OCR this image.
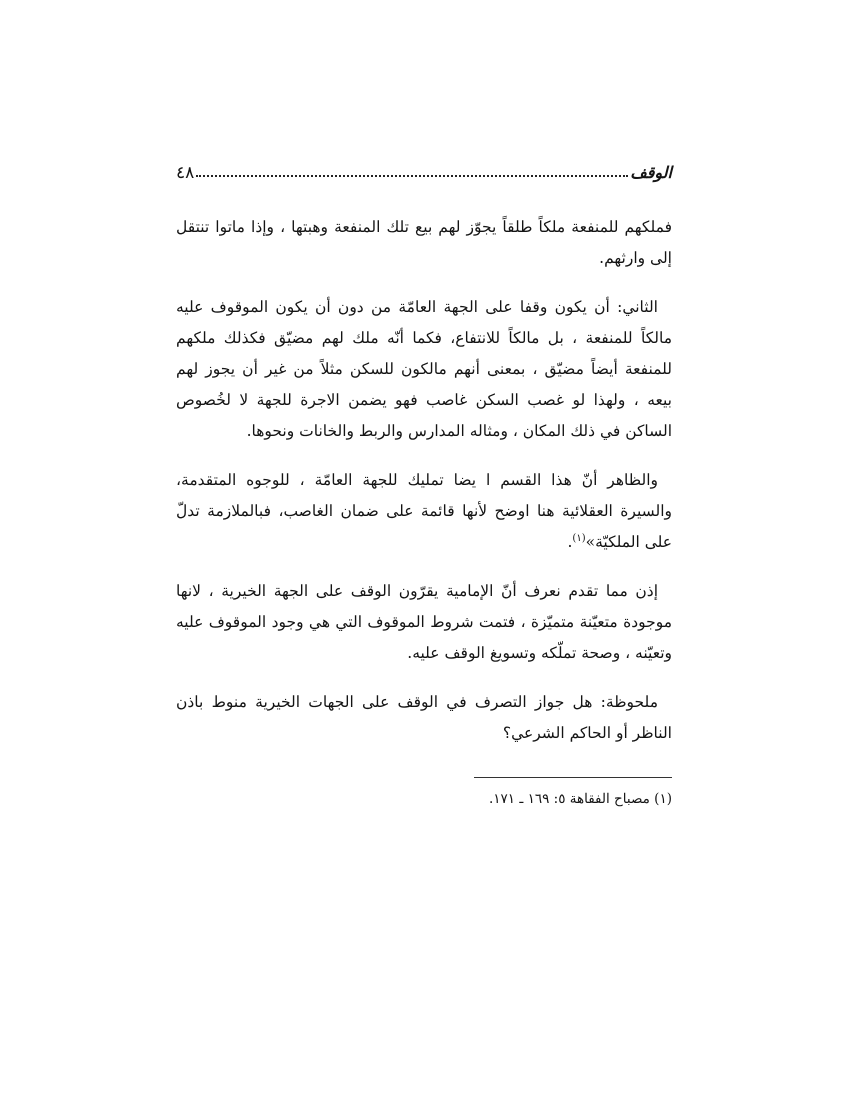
الوقف
٤٨

فملكهم للمنفعة ملكاً طلقاً يجوّز لهم بيع تلك المنفعة وهبتها ، وإذا ماتوا تنتقل إلى وارثهم.

الثاني: أن يكون وقفا على الجهة العامّة من دون أن يكون الموقوف عليه مالكاً للمنفعة ، بل مالكاً للانتفاع، فكما أنّه ملك لهم مضيّق فكذلك ملكهم للمنفعة أيضاً مضيّق ، بمعنى أنهم مالكون للسكن مثلاً من غير أن يجوز لهم بيعه ، ولهذا لو غصب السكن غاصب فهو يضمن الاجرة للجهة لا لخُصوص الساكن في ذلك المكان ، ومثاله المدارس والربط والخانات ونحوها.

والظاهر أنّ هذا القسم ا يضا تمليك للجهة العامّة ، للوجوه المتقدمة، والسيرة العقلائية هنا اوضح لأنها قائمة على ضمان الغاصب، فبالملازمة تدلّ على الملكيّة»$^{(١)}$.

إذن مما تقدم نعرف أنّ الإمامية يقرّون الوقف على الجهة الخيرية ، لانها موجودة متعيّنة متميّزة ، فتمت شروط الموقوف التي هي وجود الموقوف عليه وتعيّنه ، وصحة تملّكه وتسويغ الوقف عليه.

ملحوظة: هل جواز التصرف في الوقف على الجهات الخيرية منوط باذن الناظر أو الحاكم الشرعي؟

(١) مصباح الفقاهة ٥: ١٦٩ ـ ١٧١.
